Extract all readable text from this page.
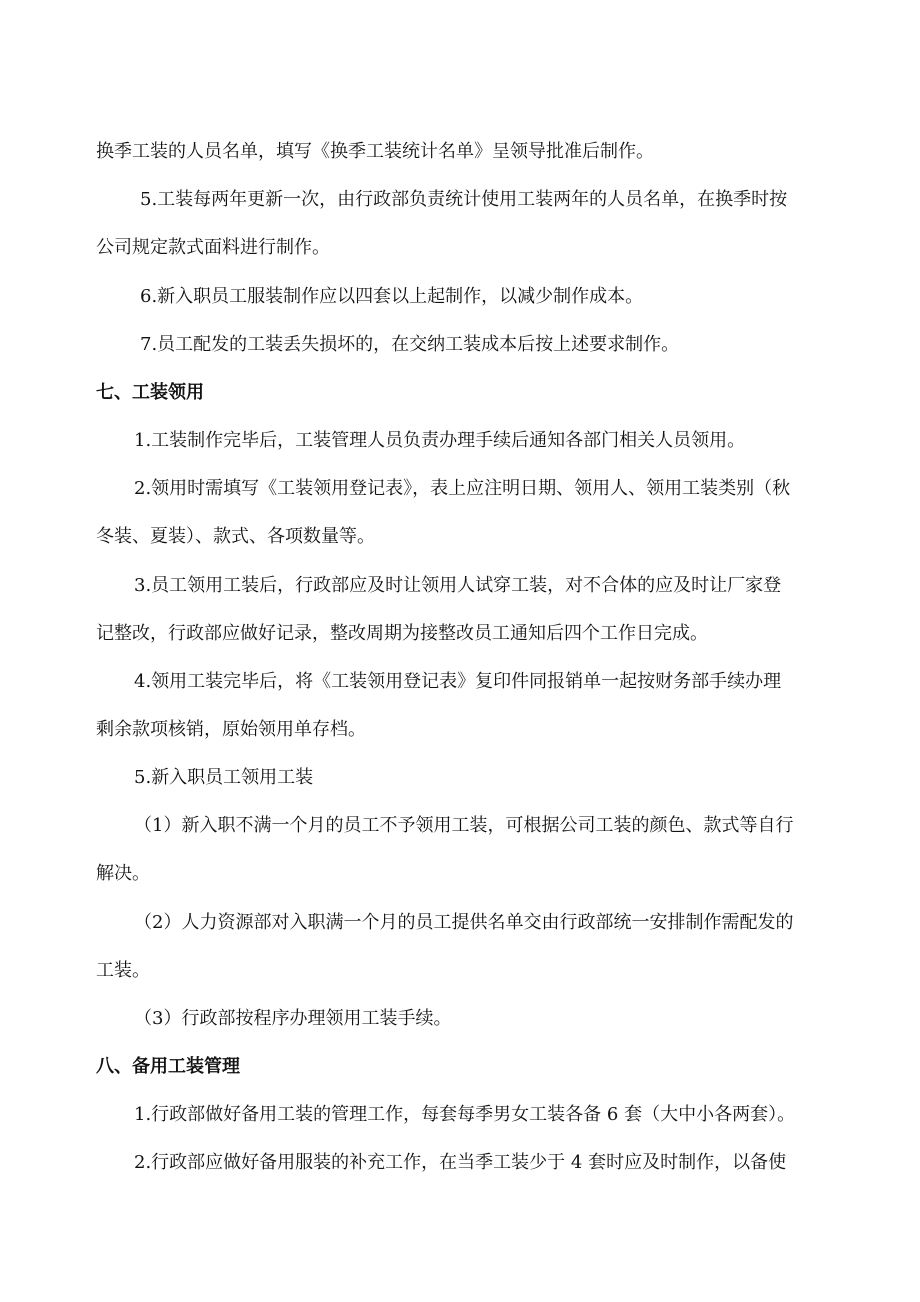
换季工装的人员名单，填写《换季工装统计名单》呈领导批准后制作。
5.工装每两年更新一次，由行政部负责统计使用工装两年的人员名单，在换季时按
公司规定款式面料进行制作。
6.新入职员工服装制作应以四套以上起制作，以减少制作成本。
7.员工配发的工装丢失损坏的，在交纳工装成本后按上述要求制作。
七、工装领用
1.工装制作完毕后，工装管理人员负责办理手续后通知各部门相关人员领用。
2.领用时需填写《工装领用登记表》，表上应注明日期、领用人、领用工装类别（秋
冬装、夏装）、款式、各项数量等。
3.员工领用工装后，行政部应及时让领用人试穿工装，对不合体的应及时让厂家登
记整改，行政部应做好记录，整改周期为接整改员工通知后四个工作日完成。
4.领用工装完毕后，将《工装领用登记表》复印件同报销单一起按财务部手续办理
剩余款项核销，原始领用单存档。
5.新入职员工领用工装
（1）新入职不满一个月的员工不予领用工装，可根据公司工装的颜色、款式等自行
解决。
（2）人力资源部对入职满一个月的员工提供名单交由行政部统一安排制作需配发的
工装。
（3）行政部按程序办理领用工装手续。
八、备用工装管理
1.行政部做好备用工装的管理工作，每套每季男女工装各备 6 套（大中小各两套）。
2.行政部应做好备用服装的补充工作，在当季工装少于 4 套时应及时制作，以备使
